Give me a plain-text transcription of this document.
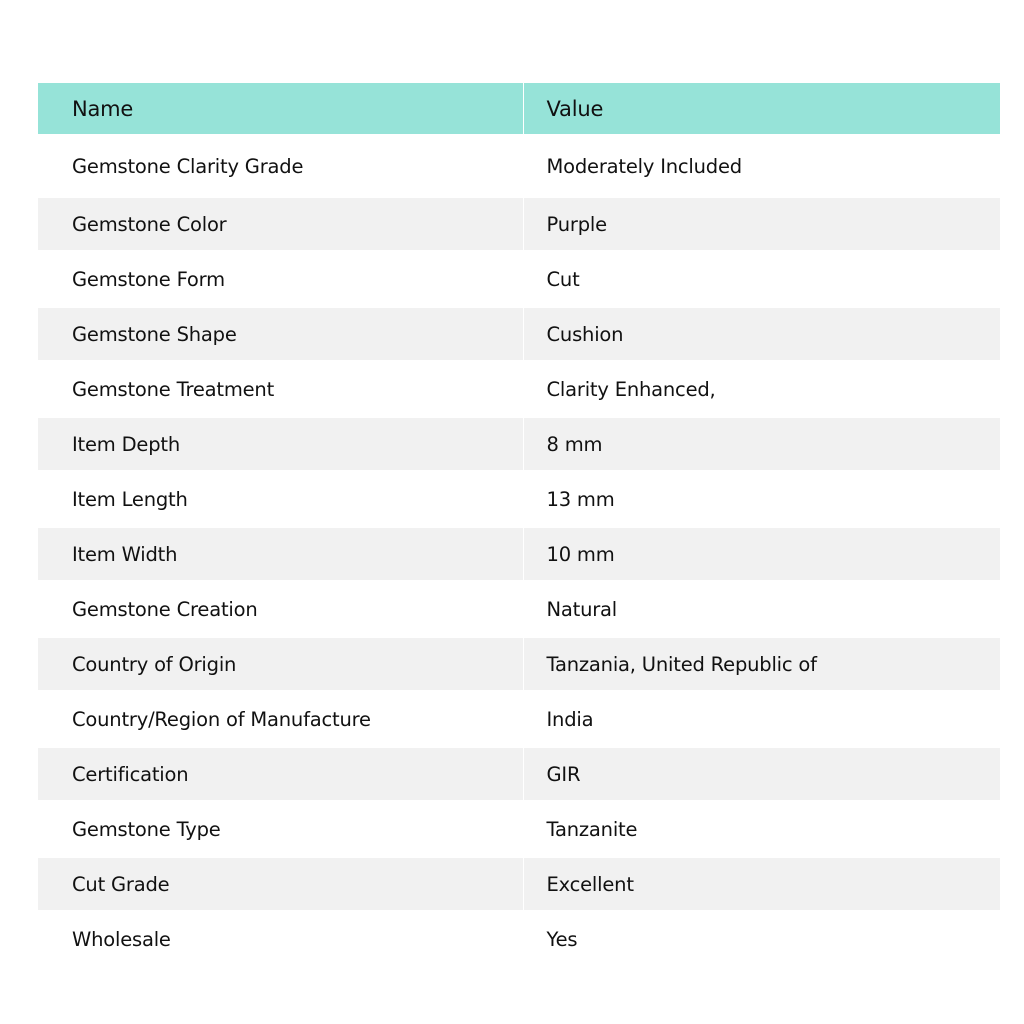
Name	Value
Gemstone Clarity Grade	Moderately Included
Gemstone Color	Purple
Gemstone Form	Cut
Gemstone Shape	Cushion
Gemstone Treatment	Clarity Enhanced,
Item Depth	8 mm
Item Length	13 mm
Item Width	10 mm
Gemstone Creation	Natural
Country of Origin	Tanzania, United Republic of
Country/Region of Manufacture	India
Certification	GIR
Gemstone Type	Tanzanite
Cut Grade	Excellent
Wholesale	Yes
